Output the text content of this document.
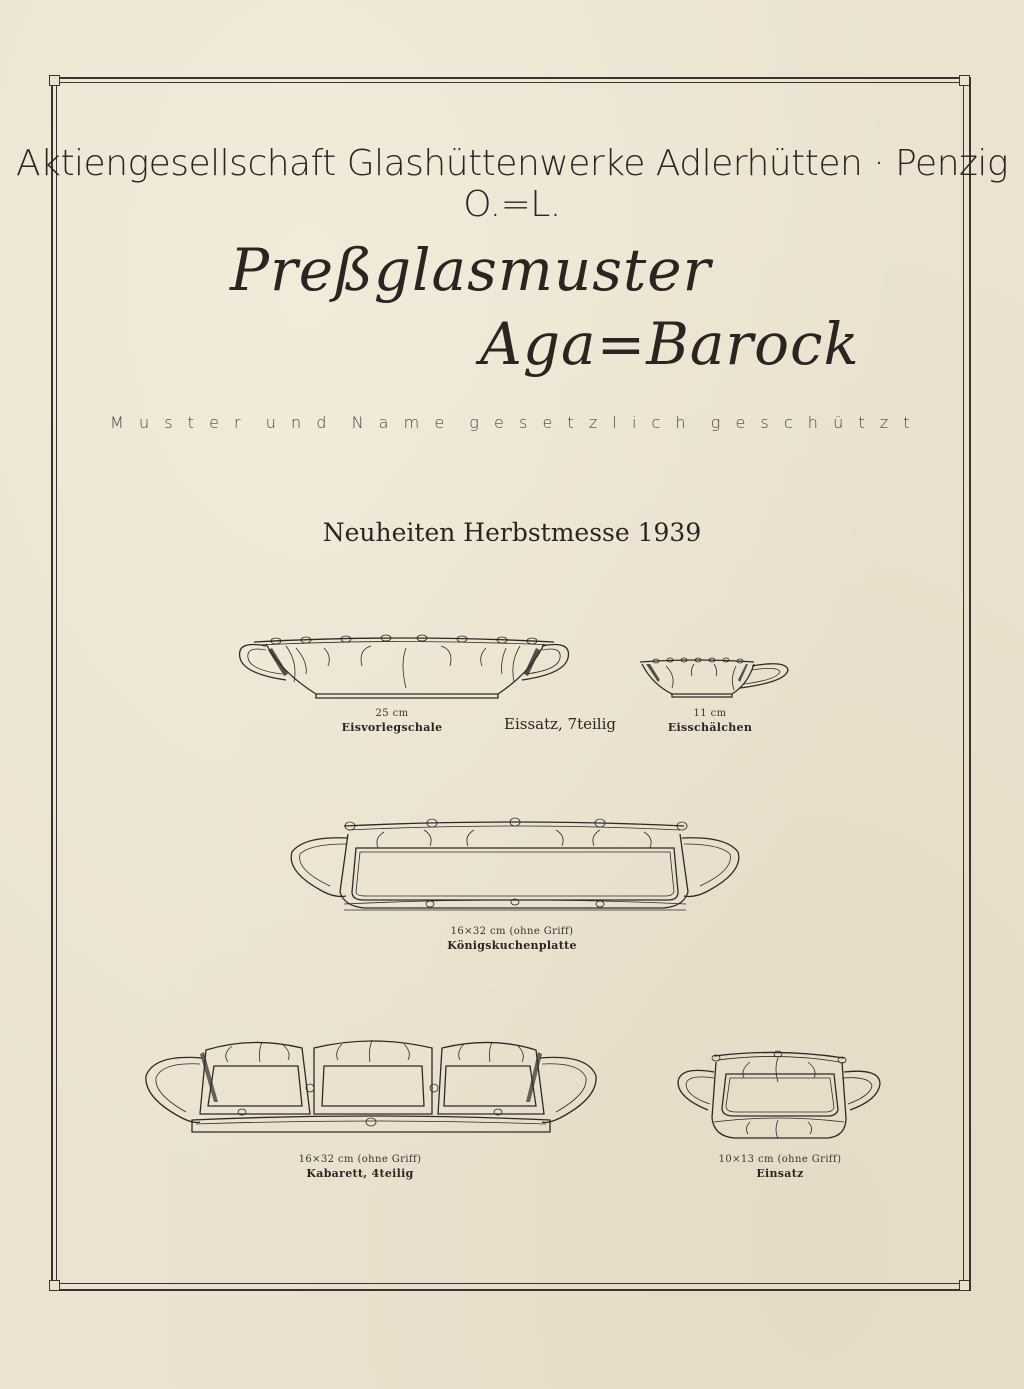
Aktiengesellschaft Glashüttenwerke Adlerhütten · Penzig O.=L.
Preßglasmuster
Aga=Barock
M u s t e r u n d N a m e g e s e t z l i c h g e s c h ü t z t
Neuheiten Herbstmesse 1939
25 cm
Eisvorlegschale	Eissatz, 7teilig
11 cm
Eisschälchen
16×32 cm (ohne Griff)
Königskuchenplatte
16×32 cm (ohne Griff)
Kabarett, 4teilig
10×13 cm (ohne Griff)
Einsatz
